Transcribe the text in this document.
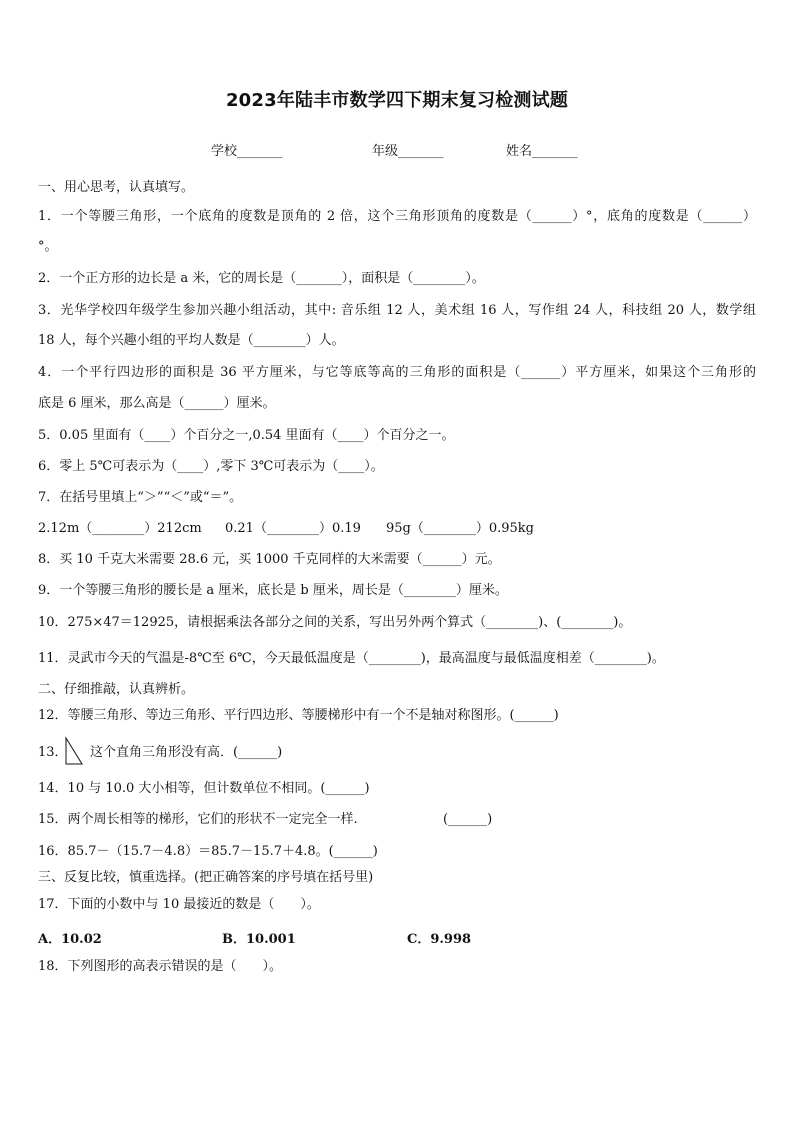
2023年陆丰市数学四下期末复习检测试题
学校_______	年级_______	姓名_______
一、用心思考，认真填写。
1．一个等腰三角形，一个底角的度数是顶角的 2 倍，这个三角形顶角的度数是（______）°，底角的度数是（______）
°。
2．一个正方形的边长是 a 米，它的周长是（_______），面积是（________）。
3．光华学校四年级学生参加兴趣小组活动，其中: 音乐组 12 人，美术组 16 人，写作组 24 人，科技组 20 人，数学组
18 人，每个兴趣小组的平均人数是（________）人。
4．一个平行四边形的面积是 36 平方厘米，与它等底等高的三角形的面积是（______）平方厘米，如果这个三角形的
底是 6 厘米，那么高是（______）厘米。
5．0.05 里面有（____）个百分之一,0.54 里面有（____）个百分之一。
6．零上 5℃可表示为（____）,零下 3℃可表示为（____）。
7．在括号里填上“＞”“＜”或“＝”。
2.12m（________）212cm 0.21（________）0.19 95g（________）0.95kg
8．买 10 千克大米需要 28.6 元，买 1000 千克同样的大米需要（______）元。
9．一个等腰三角形的腰长是 a 厘米，底长是 b 厘米，周长是（________）厘米。
10．275×47＝12925，请根据乘法各部分之间的关系，写出另外两个算式（________)、(________)。
11．灵武市今天的气温是-8℃至 6℃，今天最低温度是（________)，最高温度与最低温度相差（________)。
二、仔细推敲，认真辨析。
12．等腰三角形、等边三角形、平行四边形、等腰梯形中有一个不是轴对称图形。(______)
13． 这个直角三角形没有高．(______)
14．10 与 10.0 大小相等，但计数单位不相同。(______)
15．两个周长相等的梯形，它们的形状不一定完全一样.	(______)
16．85.7－（15.7－4.8）＝85.7－15.7＋4.8。(______)
三、反复比较，慎重选择。(把正确答案的序号填在括号里)
17．下面的小数中与 10 最接近的数是（　　）。
A．10.02	B．10.001	C．9.998
18．下列图形的高表示错误的是（　　）。
